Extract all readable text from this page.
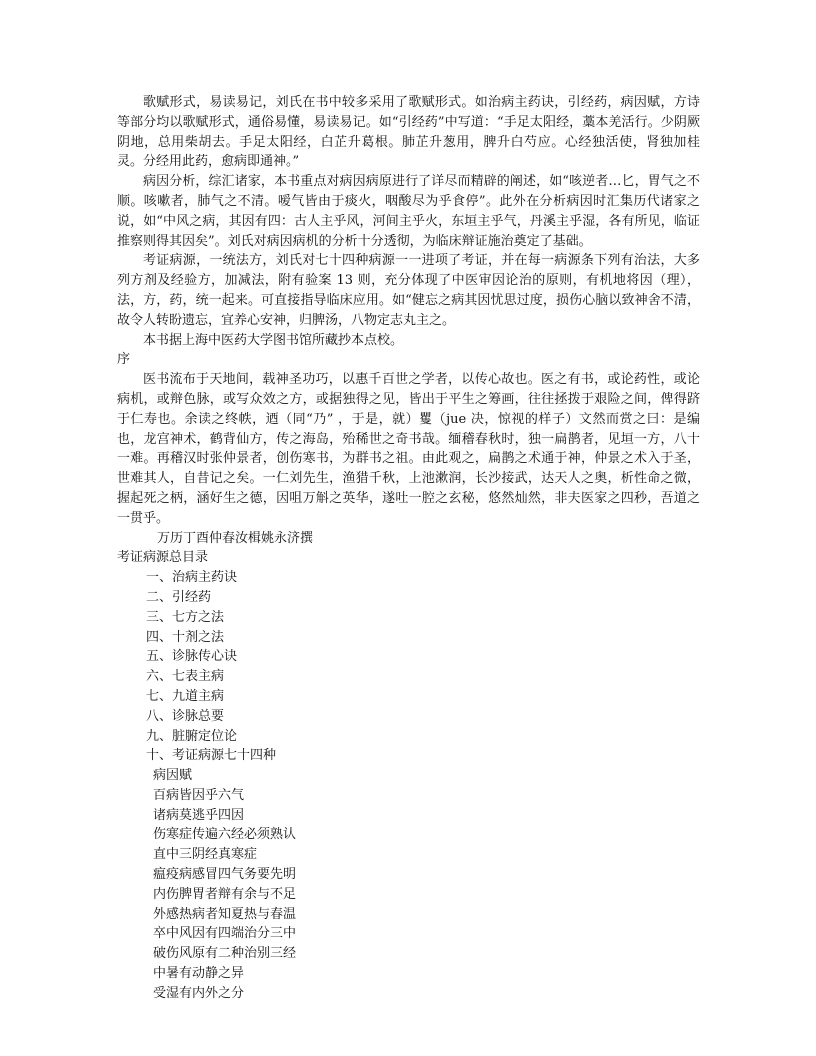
歌赋形式，易读易记，刘氏在书中较多采用了歌赋形式。如治病主药诀，引经药，病因赋，方诗等部分均以歌赋形式，通俗易懂，易读易记。如“引经药”中写道：“手足太阳经，藁本羌活行。少阴厥阴地，总用柴胡去。手足太阳经，白芷升葛根。肺芷升葱用，脾升白芍应。心经独活使，肾独加桂灵。分经用此药，愈病即通神。”

病因分析，综汇诸家，本书重点对病因病原进行了详尽而精辟的阐述，如“咳逆者…匕，胃气之不顺。咳嗽者，肺气之不清。嗳气皆由于痰火，咽酸尽为乎食停”。此外在分析病因时汇集历代诸家之说，如“中风之病，其因有四：古人主乎风，河间主乎火，东垣主乎气，丹溪主乎湿，各有所见，临证推察则得其因矣”。刘氏对病因病机的分析十分透彻，为临床辩证施治奠定了基础。

考证病源，一统法方，刘氏对七十四种病源一一进项了考证，并在每一病源条下列有治法，大多列方剂及经验方，加减法，附有验案 13 则，充分体现了中医审因论治的原则，有机地将因（理），法，方，药，统一起来。可直接指导临床应用。如“健忘之病其因忧思过度，损伤心脑以致神舍不清，故令人转盼遗忘，宜养心安神，归脾汤，八物定志丸主之。

本书据上海中医药大学图书馆所藏抄本点校。

序

医书流布于天地间，载神圣功巧，以惠千百世之学者，以传心故也。医之有书，或论药性，或论病机，或辩色脉，或写众效之方，或据独得之见，皆出于平生之筹画，往往拯拨于艰险之间，俾得跻于仁寿也。余读之终帙，迺（同“乃” ，于是，就）矍（jue 决，惊视的样子）文然而赏之曰：是编也，龙宫神术，鹤背仙方，传之海岛，殆稀世之奇书哉。缅稽春秋时，独一扁鹊者，见垣一方，八十一难。再稽汉时张仲景者，创伤寒书，为群书之祖。由此观之，扁鹊之术通于神，仲景之术入于圣，世难其人，自昔记之矣。一仁刘先生，渔猎千秋，上池漱润，长沙接武，达天人之奥，析性命之微，握起死之柄，涵好生之德，因咀万斛之英华，遂吐一腔之玄秘，悠然灿然，非夫医家之四秒，吾道之一贯乎。

万历丁酉仲春汝楫姚永济撰
考证病源总目录
一、治病主药诀
二、引经药
三、七方之法
四、十剂之法
五、诊脉传心诀
六、七表主病
七、九道主病
八、诊脉总要
九、脏腑定位论
十、考证病源七十四种
病因赋
百病皆因乎六气
诸病莫逃乎四因
伤寒症传遍六经必须熟认
直中三阴经真寒症
瘟疫病感冒四气务要先明
内伤脾胃者辩有余与不足
外感热病者知夏热与春温
卒中风因有四端治分三中
破伤风原有二种治别三经
中暑有动静之异
受湿有内外之分
